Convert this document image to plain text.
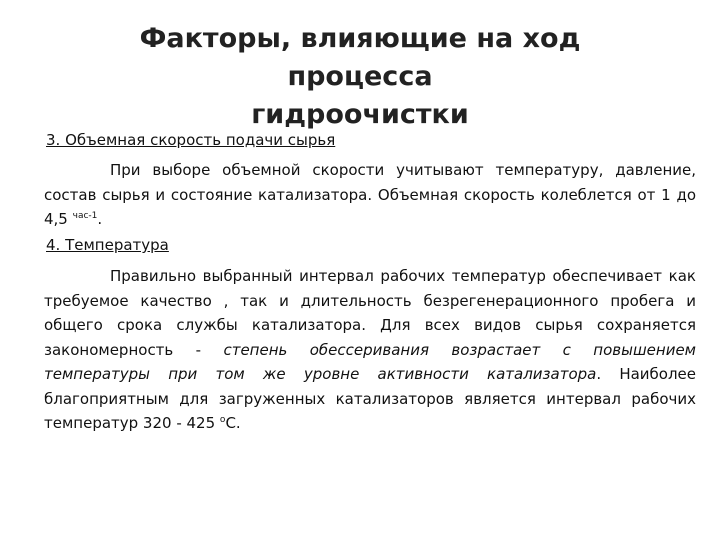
Факторы, влияющие на ход процесса
гидроочистки
3. Объемная скорость подачи сырья
При выборе объемной скорости учитывают температуру, давление, состав сырья и состояние катализатора. Объемная скорость колеблется от 1 до 4,5 $^{час-1}$.
4. Температура
Правильно выбранный интервал рабочих температур обеспечивает как требуемое качество , так и длительность безрегенерационного пробега и общего срока службы катализатора. Для всех видов сырья сохраняется закономерность - степень обессеривания возрастает с повышением температуры при том же уровне активности катализатора. Наиболее благоприятным для загруженных катализаторов является интервал рабочих температур 320 - 425 $^о$С.
